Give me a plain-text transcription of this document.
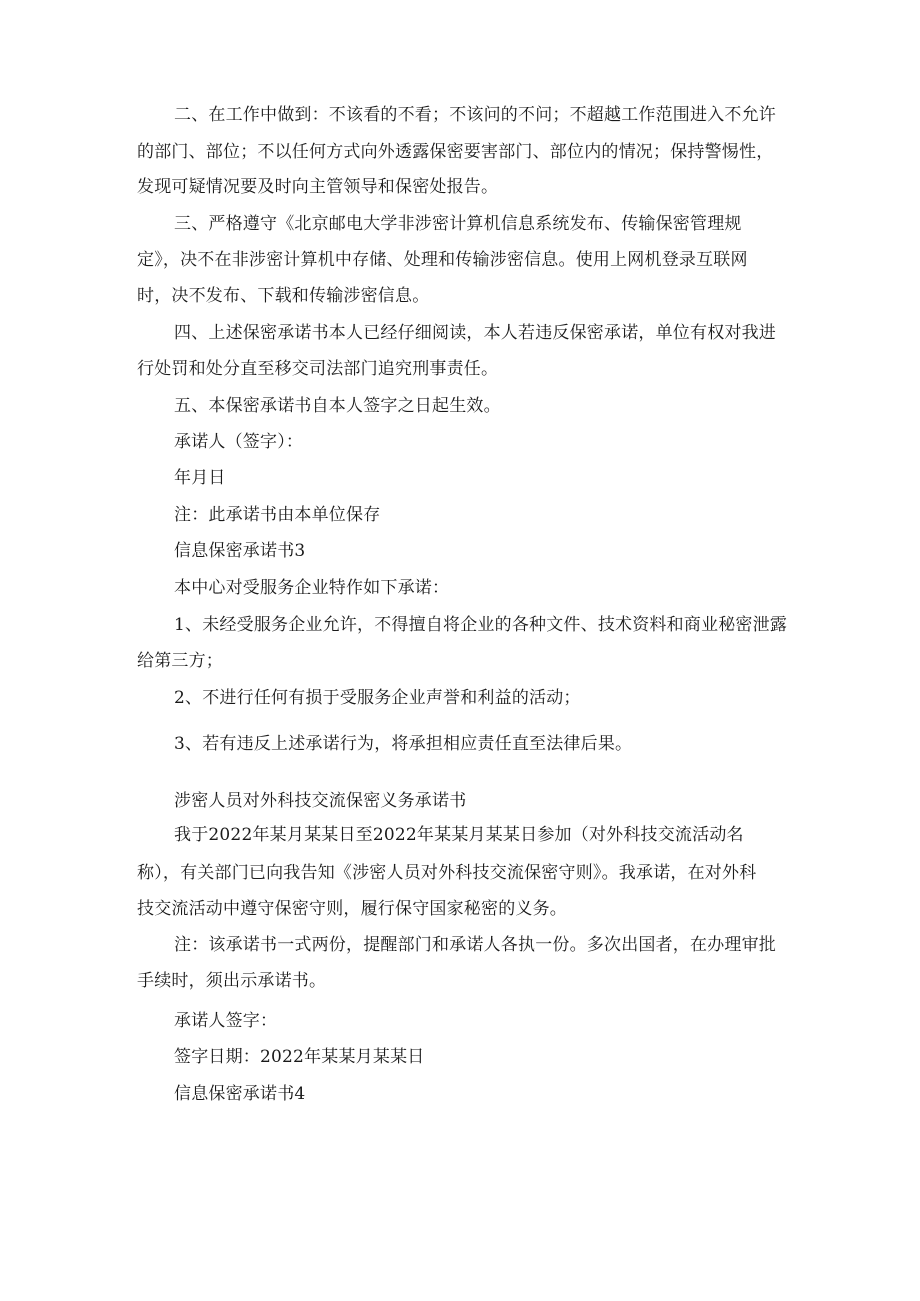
二、在工作中做到：不该看的不看；不该问的不问；不超越工作范围进入不允许
的部门、部位；不以任何方式向外透露保密要害部门、部位内的情况；保持警惕性，
发现可疑情况要及时向主管领导和保密处报告。
三、严格遵守《北京邮电大学非涉密计算机信息系统发布、传输保密管理规
定》，决不在非涉密计算机中存储、处理和传输涉密信息。使用上网机登录互联网
时，决不发布、下载和传输涉密信息。
四、上述保密承诺书本人已经仔细阅读，本人若违反保密承诺，单位有权对我进
行处罚和处分直至移交司法部门追究刑事责任。
五、本保密承诺书自本人签字之日起生效。
承诺人（签字）：
年月日
注：此承诺书由本单位保存
信息保密承诺书3
本中心对受服务企业特作如下承诺：
1、未经受服务企业允许，不得擅自将企业的各种文件、技术资料和商业秘密泄露
给第三方；
2、不进行任何有损于受服务企业声誉和利益的活动；
3、若有违反上述承诺行为，将承担相应责任直至法律后果。
涉密人员对外科技交流保密义务承诺书
我于2022年某月某某日至2022年某某月某某日参加（对外科技交流活动名
称），有关部门已向我告知《涉密人员对外科技交流保密守则》。我承诺，在对外科
技交流活动中遵守保密守则，履行保守国家秘密的义务。
注：该承诺书一式两份，提醒部门和承诺人各执一份。多次出国者，在办理审批
手续时，须出示承诺书。
承诺人签字：
签字日期：2022年某某月某某日
信息保密承诺书4
